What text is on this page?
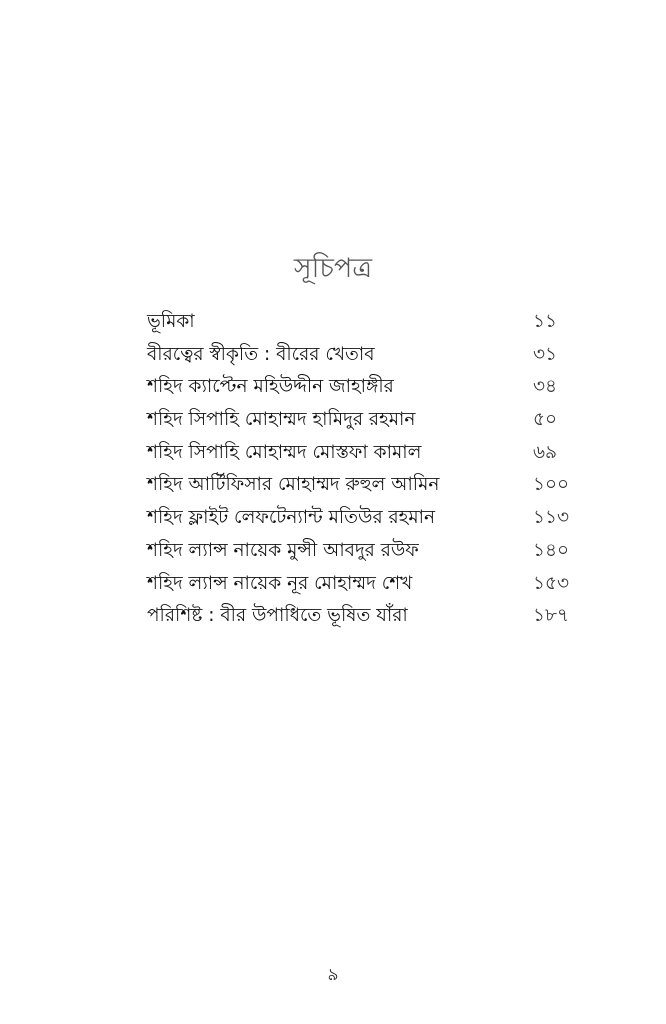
সূচিপত্র
ভূমিকা	১১
বীরত্বের স্বীকৃতি : বীরের খেতাব	৩১
শহিদ ক্যাপ্টেন মহিউদ্দীন জাহাঙ্গীর	৩৪
শহিদ সিপাহি মোহাম্মদ হামিদুর রহমান	৫০
শহিদ সিপাহি মোহাম্মদ মোস্তফা কামাল	৬৯
শহিদ আর্টিফিসার মোহাম্মদ রুহুল আমিন	১০০
শহিদ ফ্লাইট লেফটেন্যান্ট মতিউর রহমান	১১৩
শহিদ ল্যান্স নায়েক মুন্সী আবদুর রউফ	১৪০
শহিদ ল্যান্স নায়েক নূর মোহাম্মদ শেখ	১৫৩
পরিশিষ্ট : বীর উপাধিতে ভূষিত যাঁরা	১৮৭
৯
